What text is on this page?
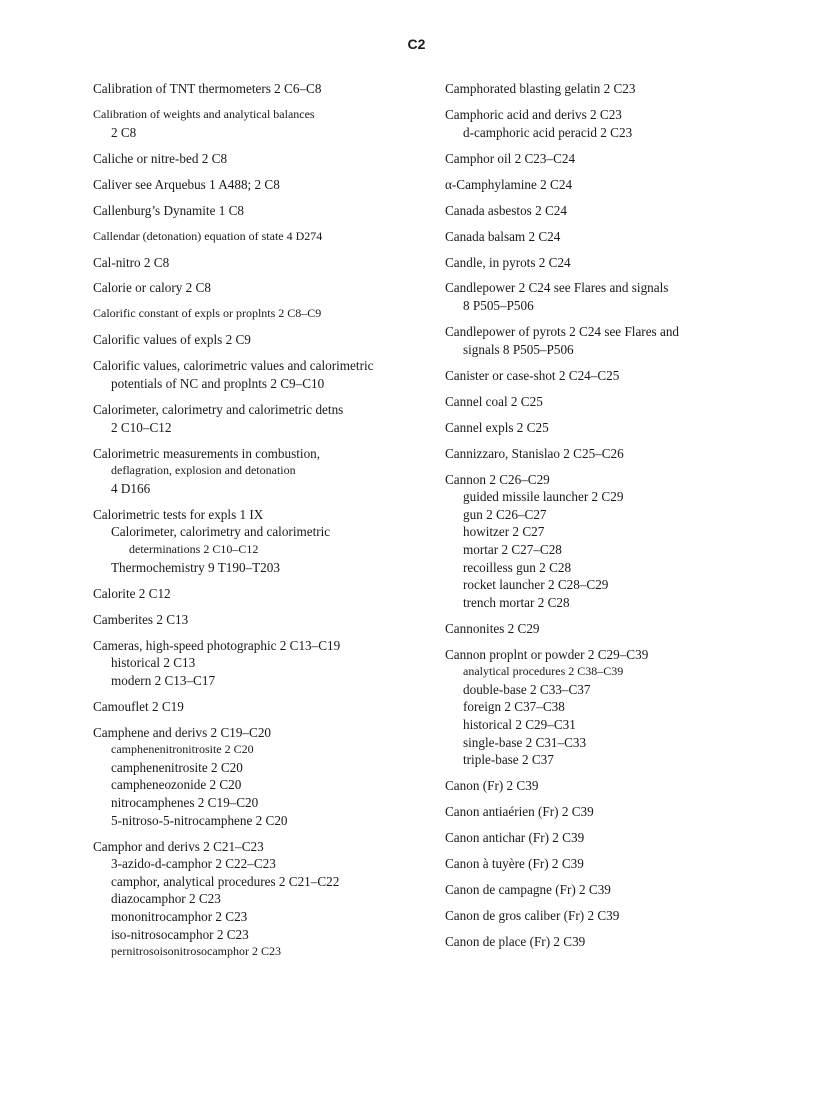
C2
Calibration of TNT thermometers 2 C6–C8
Calibration of weights and analytical balances
2 C8
Caliche or nitre-bed 2 C8
Caliver see Arquebus 1 A488; 2 C8
Callenburg’s Dynamite 1 C8
Callendar (detonation) equation of state 4 D274
Cal-nitro 2 C8
Calorie or calory 2 C8
Calorific constant of expls or proplnts 2 C8–C9
Calorific values of expls 2 C9
Calorific values, calorimetric values and calorimetric
potentials of NC and proplnts 2 C9–C10
Calorimeter, calorimetry and calorimetric detns
2 C10–C12
Calorimetric measurements in combustion,
deflagration, explosion and detonation
4 D166
Calorimetric tests for expls 1 IX
Calorimeter, calorimetry and calorimetric
determinations 2 C10–C12
Thermochemistry 9 T190–T203
Calorite 2 C12
Camberites 2 C13
Cameras, high-speed photographic 2 C13–C19
historical 2 C13
modern 2 C13–C17
Camouflet 2 C19
Camphene and derivs 2 C19–C20
camphenenitronitrosite 2 C20
camphenenitrosite 2 C20
campheneozonide 2 C20
nitrocamphenes 2 C19–C20
5-nitroso-5-nitrocamphene 2 C20
Camphor and derivs 2 C21–C23
3-azido-d-camphor 2 C22–C23
camphor, analytical procedures 2 C21–C22
diazocamphor 2 C23
mononitrocamphor 2 C23
iso-nitrosocamphor 2 C23
pernitrosoisonitrosocamphor 2 C23
Camphorated blasting gelatin 2 C23
Camphoric acid and derivs 2 C23
d-camphoric acid peracid 2 C23
Camphor oil 2 C23–C24
α-Camphylamine 2 C24
Canada asbestos 2 C24
Canada balsam 2 C24
Candle, in pyrots 2 C24
Candlepower 2 C24 see Flares and signals
8 P505–P506
Candlepower of pyrots 2 C24 see Flares and
signals 8 P505–P506
Canister or case-shot 2 C24–C25
Cannel coal 2 C25
Cannel expls 2 C25
Cannizzaro, Stanislao 2 C25–C26
Cannon 2 C26–C29
guided missile launcher 2 C29
gun 2 C26–C27
howitzer 2 C27
mortar 2 C27–C28
recoilless gun 2 C28
rocket launcher 2 C28–C29
trench mortar 2 C28
Cannonites 2 C29
Cannon proplnt or powder 2 C29–C39
analytical procedures 2 C38–C39
double-base 2 C33–C37
foreign 2 C37–C38
historical 2 C29–C31
single-base 2 C31–C33
triple-base 2 C37
Canon (Fr) 2 C39
Canon antiaérien (Fr) 2 C39
Canon antichar (Fr) 2 C39
Canon à tuyère (Fr) 2 C39
Canon de campagne (Fr) 2 C39
Canon de gros caliber (Fr) 2 C39
Canon de place (Fr) 2 C39
